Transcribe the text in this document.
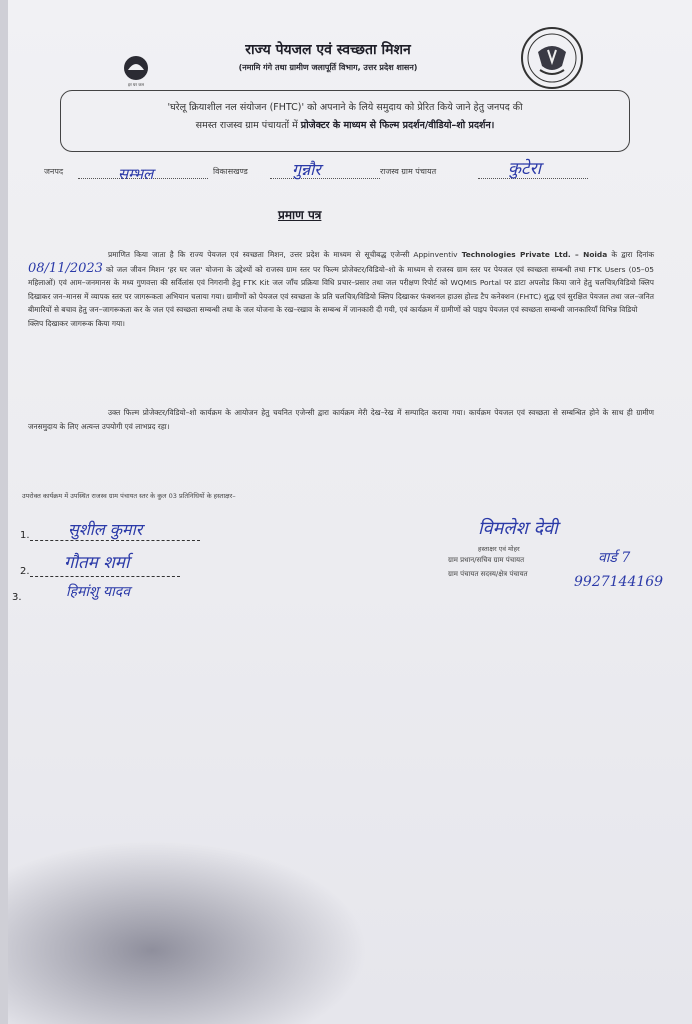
हर घर जल
राज्य पेयजल एवं स्वच्छता मिशन
(नमामि गंगे तथा ग्रामीण जलापूर्ति विभाग, उत्तर प्रदेश शासन)
'घरेलू क्रियाशील नल संयोजन (FHTC)' को अपनाने के लिये समुदाय को प्रेरित किये जाने हेतु जनपद की
समस्त राजस्व ग्राम पंचायतों में प्रोजेक्टर के माध्यम से फिल्म प्रदर्शन/वीडियो–शो प्रदर्शन।
जनपद	सम्भल	विकासखण्ड	गुन्नौर	राजस्व ग्राम पंचायत	कुटेरा
प्रमाण पत्र
प्रमाणित किया जाता है कि राज्य पेयजल एवं स्वच्छता मिशन, उत्तर प्रदेश के माध्यम से सूचीबद्ध एजेन्सी Appinventiv Technologies Private Ltd. – Noida के द्वारा दिनांक 08/11/2023 को जल जीवन मिशन 'हर घर जल' योजना के उद्देश्यों को राजस्व ग्राम स्तर पर फिल्म प्रोजेक्टर/विडियो–शो के माध्यम से राजस्व ग्राम स्तर पर पेयजल एवं स्वच्छता सम्बन्धी तथा FTK Users (05–05 महिलाओं) एवं आम–जनमानस के मध्य गुणवत्ता की सर्विलांस एवं निगरानी हेतु FTK Kit जल जाँच प्रक्रिया विधि प्रचार–प्रसार तथा जल परीक्षण रिपोर्ट को WQMIS Portal पर डाटा अपलोड किया जाने हेतु चलचित्र/विडियो क्लिप दिखाकर जन–मानस में व्यापक स्तर पर जागरूकता अभियान चलाया गया। ग्रामीणों को पेयजल एवं स्वच्छता के प्रति चलचित्र/विडियो क्लिप दिखाकर फंक्शनल हाउस होल्ड टैप कनेक्शन (FHTC) शुद्ध एवं सुरक्षित पेयजल तथा जल–जनित बीमारियों से बचाव हेतु जन–जागरूकता कर के जल एवं स्वच्छता सम्बन्धी तथा के जल योजना के रख–रखाव के सम्बन्ध में जानकारी दी गयी, एवं कार्यक्रम में ग्रामीणों को पाइप पेयजल एवं स्वच्छता सम्बन्धी जानकारियाँ विभिन्न विडियो
क्लिप दिखाकर जागरूक किया गया।
उक्त फिल्म प्रोजेक्टर/विडियो–शो कार्यक्रम के आयोजन हेतु चयनित एजेन्सी द्वारा कार्यक्रम मेरी देख–रेख में सम्पादित कराया गया। कार्यक्रम पेयजल एवं स्वच्छता से सम्बन्धित होने के साथ ही ग्रामीण जनसमुदाय के लिए अत्यन्त उपयोगी एवं लाभप्रद रहा।
उपरोक्त कार्यक्रम में उपस्थित राजस्व ग्राम पंचायत स्तर के कुल 03 प्रतिनिधियों के हस्ताक्षर–
1. सुशील कुमार
2. गौतम शर्मा
3.	हिमांशु यादव
विमलेश देवी
हस्ताक्षर एवं मोहर
ग्राम प्रधान/सचिव ग्राम पंचायत	वार्ड 7
ग्राम पंचायत सदस्य/क्षेत्र पंचायत	9927144169
